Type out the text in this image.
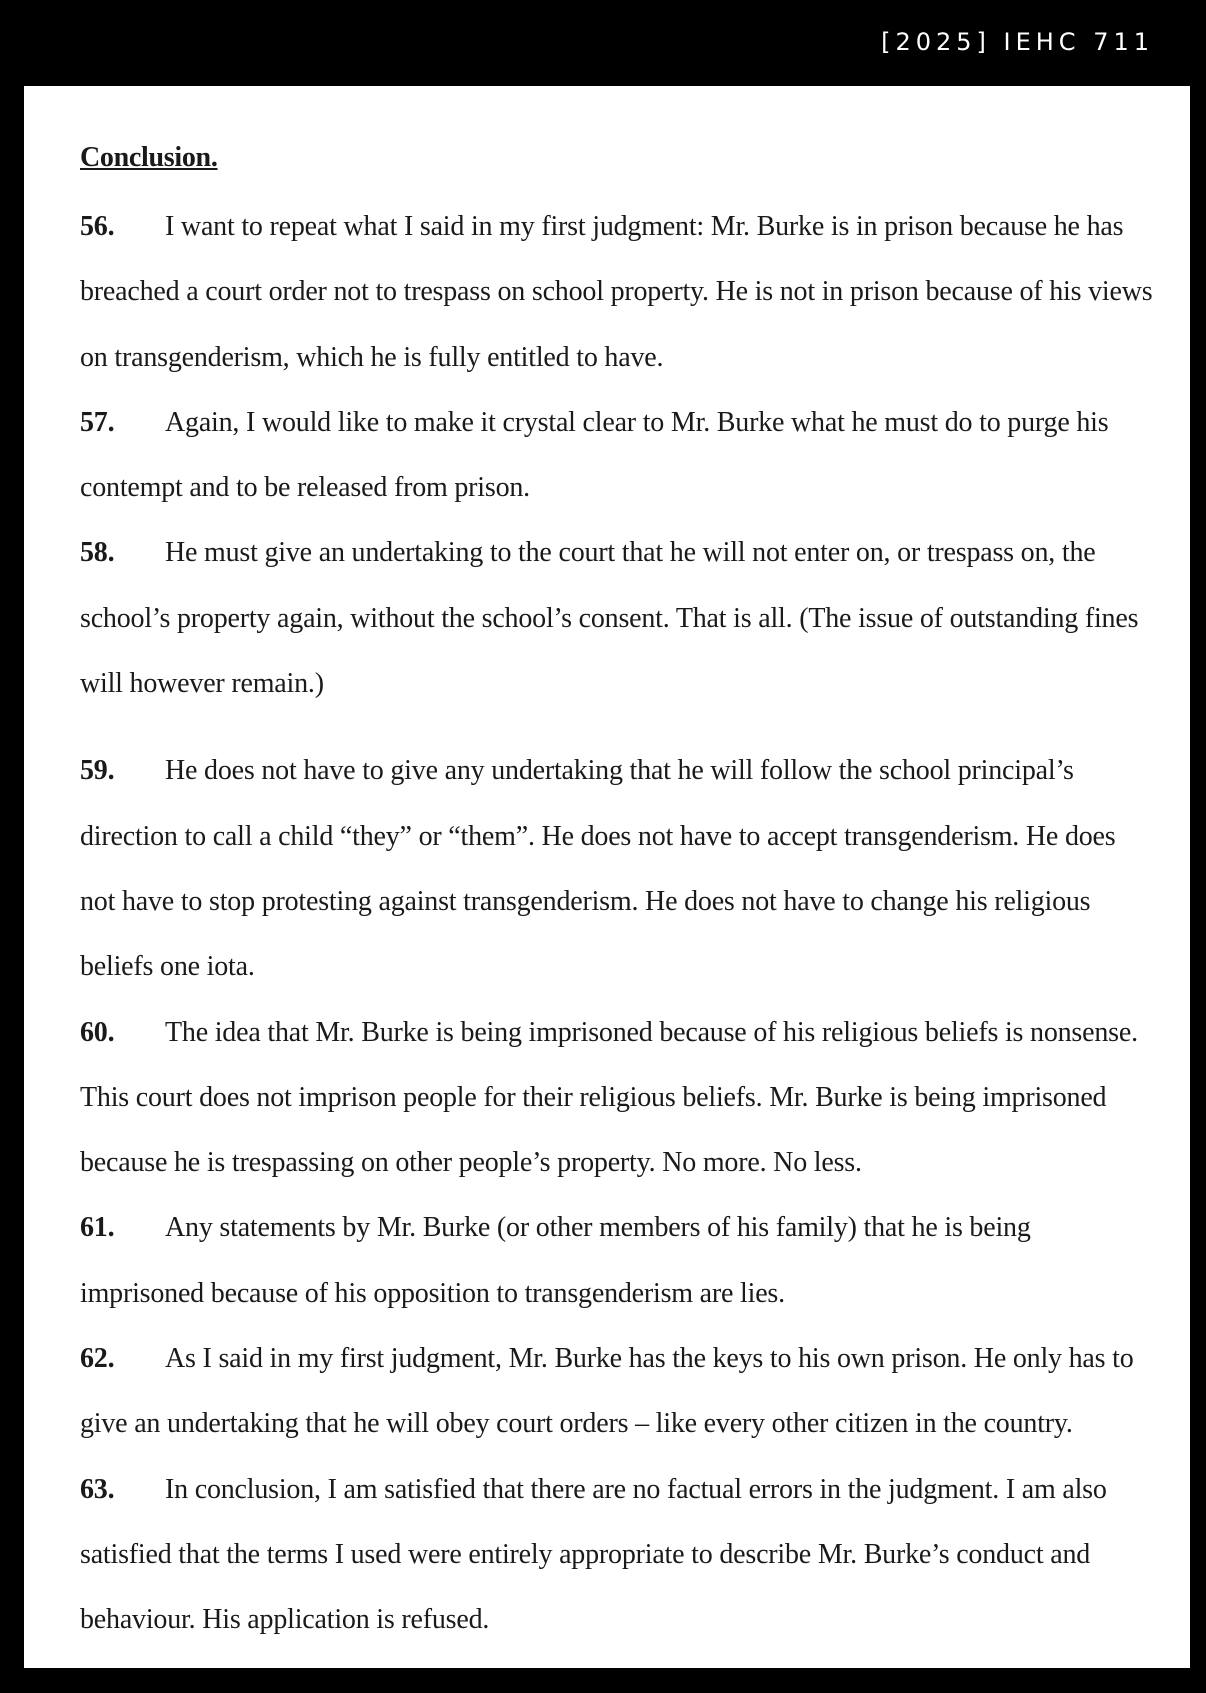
[2025] IEHC 711
Conclusion.

56. I want to repeat what I said in my first judgment: Mr. Burke is in prison because he has breached a court order not to trespass on school property. He is not in prison because of his views on transgenderism, which he is fully entitled to have.

57. Again, I would like to make it crystal clear to Mr. Burke what he must do to purge his contempt and to be released from prison.

58. He must give an undertaking to the court that he will not enter on, or trespass on, the school’s property again, without the school’s consent. That is all. (The issue of outstanding fines will however remain.)

59. He does not have to give any undertaking that he will follow the school principal’s direction to call a child “they” or “them”. He does not have to accept transgenderism. He does not have to stop protesting against transgenderism. He does not have to change his religious beliefs one iota.

60. The idea that Mr. Burke is being imprisoned because of his religious beliefs is nonsense. This court does not imprison people for their religious beliefs. Mr. Burke is being imprisoned because he is trespassing on other people’s property. No more. No less.

61. Any statements by Mr. Burke (or other members of his family) that he is being imprisoned because of his opposition to transgenderism are lies.

62. As I said in my first judgment, Mr. Burke has the keys to his own prison. He only has to give an undertaking that he will obey court orders – like every other citizen in the country.

63. In conclusion, I am satisfied that there are no factual errors in the judgment. I am also satisfied that the terms I used were entirely appropriate to describe Mr. Burke’s conduct and behaviour. His application is refused.
